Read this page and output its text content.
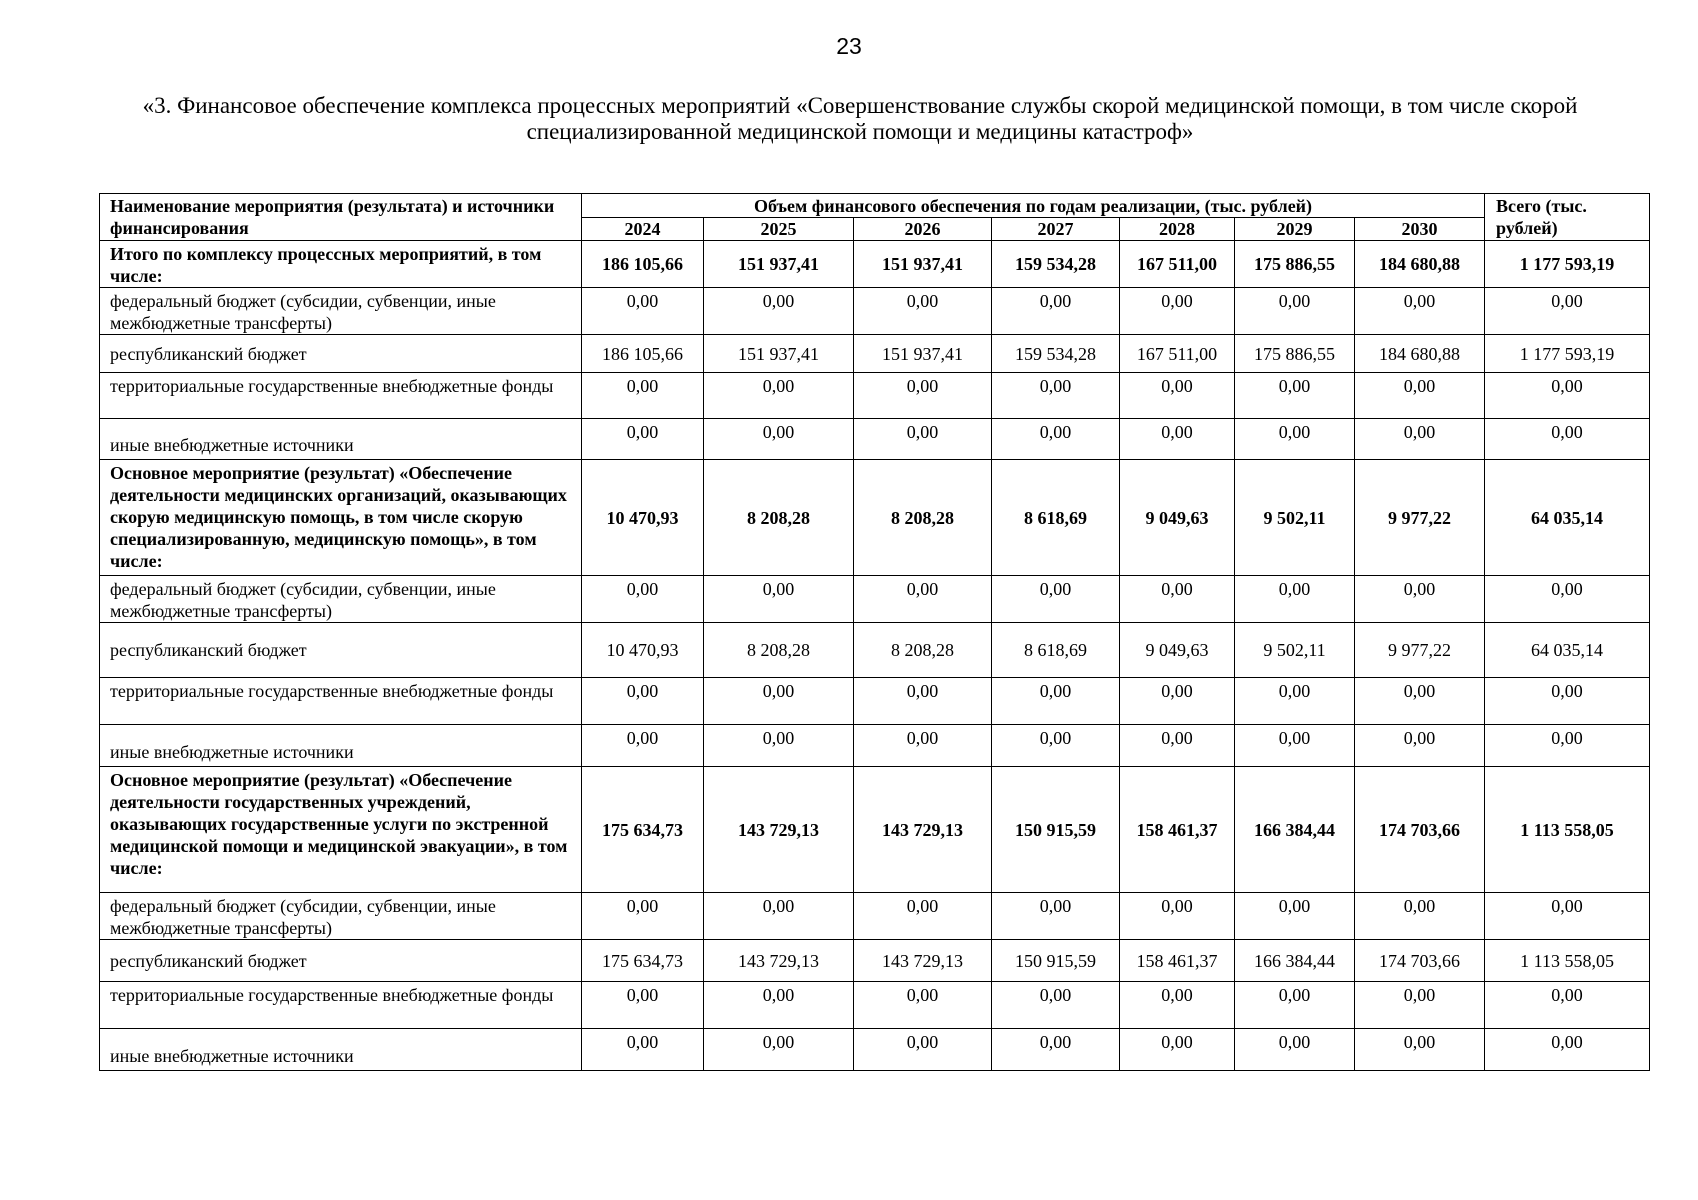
23
«3. Финансовое обеспечение комплекса процессных мероприятий «Совершенствование службы скорой медицинской помощи, в том числе скорой специализированной медицинской помощи и медицины катастроф»
Наименование мероприятия (результата) и источники финансирования	Объем финансового обеспечения по годам реализации, (тыс. рублей)							Всего (тыс. рублей)
	2024	2025	2026	2027	2028	2029	2030	
Итого по комплексу процессных мероприятий, в том числе:	186 105,66	151 937,41	151 937,41	159 534,28	167 511,00	175 886,55	184 680,88	1 177 593,19
федеральный бюджет (субсидии, субвенции, иные межбюджетные трансферты)	0,00	0,00	0,00	0,00	0,00	0,00	0,00	0,00
республиканский бюджет	186 105,66	151 937,41	151 937,41	159 534,28	167 511,00	175 886,55	184 680,88	1 177 593,19
территориальные государственные внебюджетные фонды	0,00	0,00	0,00	0,00	0,00	0,00	0,00	0,00
иные внебюджетные источники	0,00	0,00	0,00	0,00	0,00	0,00	0,00	0,00
Основное мероприятие (результат) «Обеспечение деятельности медицинских организаций, оказывающих скорую медицинскую помощь, в том числе скорую специализированную, медицинскую помощь», в том числе:	10 470,93	8 208,28	8 208,28	8 618,69	9 049,63	9 502,11	9 977,22	64 035,14
федеральный бюджет (субсидии, субвенции, иные межбюджетные трансферты)	0,00	0,00	0,00	0,00	0,00	0,00	0,00	0,00
республиканский бюджет	10 470,93	8 208,28	8 208,28	8 618,69	9 049,63	9 502,11	9 977,22	64 035,14
территориальные государственные внебюджетные фонды	0,00	0,00	0,00	0,00	0,00	0,00	0,00	0,00
иные внебюджетные источники	0,00	0,00	0,00	0,00	0,00	0,00	0,00	0,00
Основное мероприятие (результат) «Обеспечение деятельности государственных учреждений, оказывающих государственные услуги по экстренной медицинской помощи и медицинской эвакуации», в том числе:	175 634,73	143 729,13	143 729,13	150 915,59	158 461,37	166 384,44	174 703,66	1 113 558,05
федеральный бюджет (субсидии, субвенции, иные межбюджетные трансферты)	0,00	0,00	0,00	0,00	0,00	0,00	0,00	0,00
республиканский бюджет	175 634,73	143 729,13	143 729,13	150 915,59	158 461,37	166 384,44	174 703,66	1 113 558,05
территориальные государственные внебюджетные фонды	0,00	0,00	0,00	0,00	0,00	0,00	0,00	0,00
иные внебюджетные источники	0,00	0,00	0,00	0,00	0,00	0,00	0,00	0,00
